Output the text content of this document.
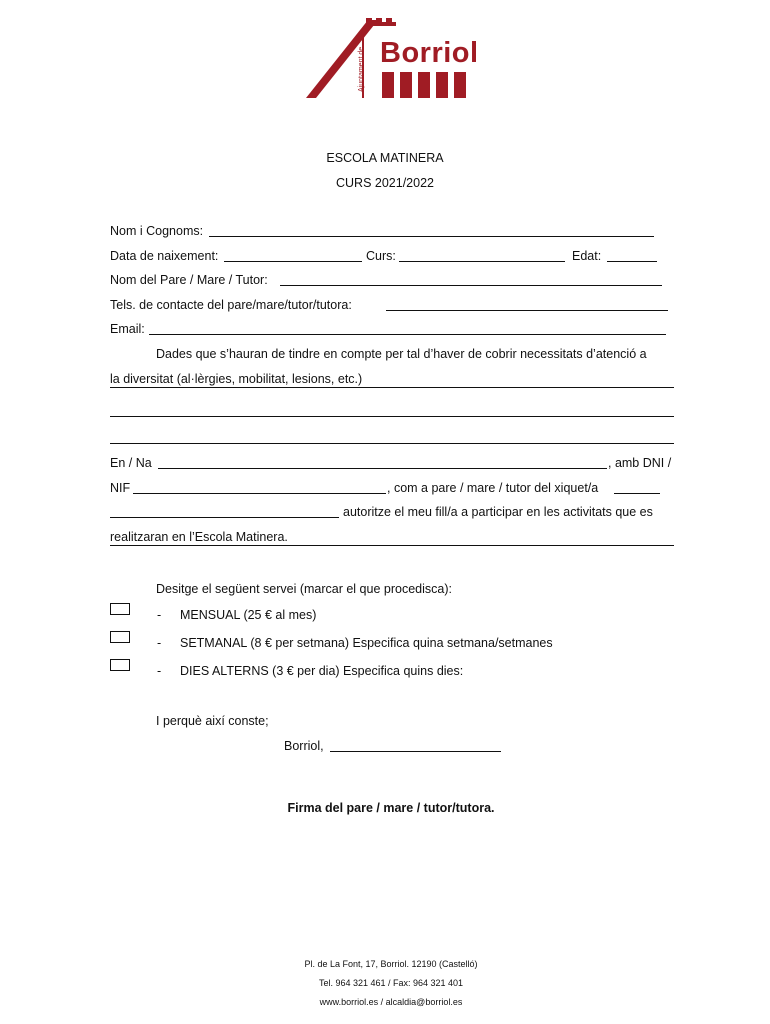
Borriol
Ajuntament de
ESCOLA MATINERA
CURS 2021/2022
Nom i Cognoms:
Data de naixement:	Curs:	Edat:
Nom del Pare / Mare / Tutor:
Tels. de contacte del pare/mare/tutor/tutora:
Email:
Dades que s’hauran de tindre en compte per tal d’haver de cobrir necessitats d’atenció a
la diversitat (al·lèrgies, mobilitat, lesions, etc.)
En / Na	, amb DNI /
NIF	, com a pare / mare / tutor del xiquet/a
autoritze el meu fill/a a participar en les activitats que es
realitzaran en l’Escola Matinera.
Desitge el següent servei (marcar el que procedisca):
- MENSUAL (25 € al mes)
- SETMANAL (8 € per setmana) Especifica quina setmana/setmanes
- DIES ALTERNS (3 € per dia) Especifica quins dies:
I perquè així conste;
Borriol,
Firma del pare / mare / tutor/tutora.
Pl. de La Font, 17, Borriol. 12190 (Castelló)
Tel. 964 321 461 / Fax: 964 321 401
www.borriol.es / alcaldia@borriol.es
